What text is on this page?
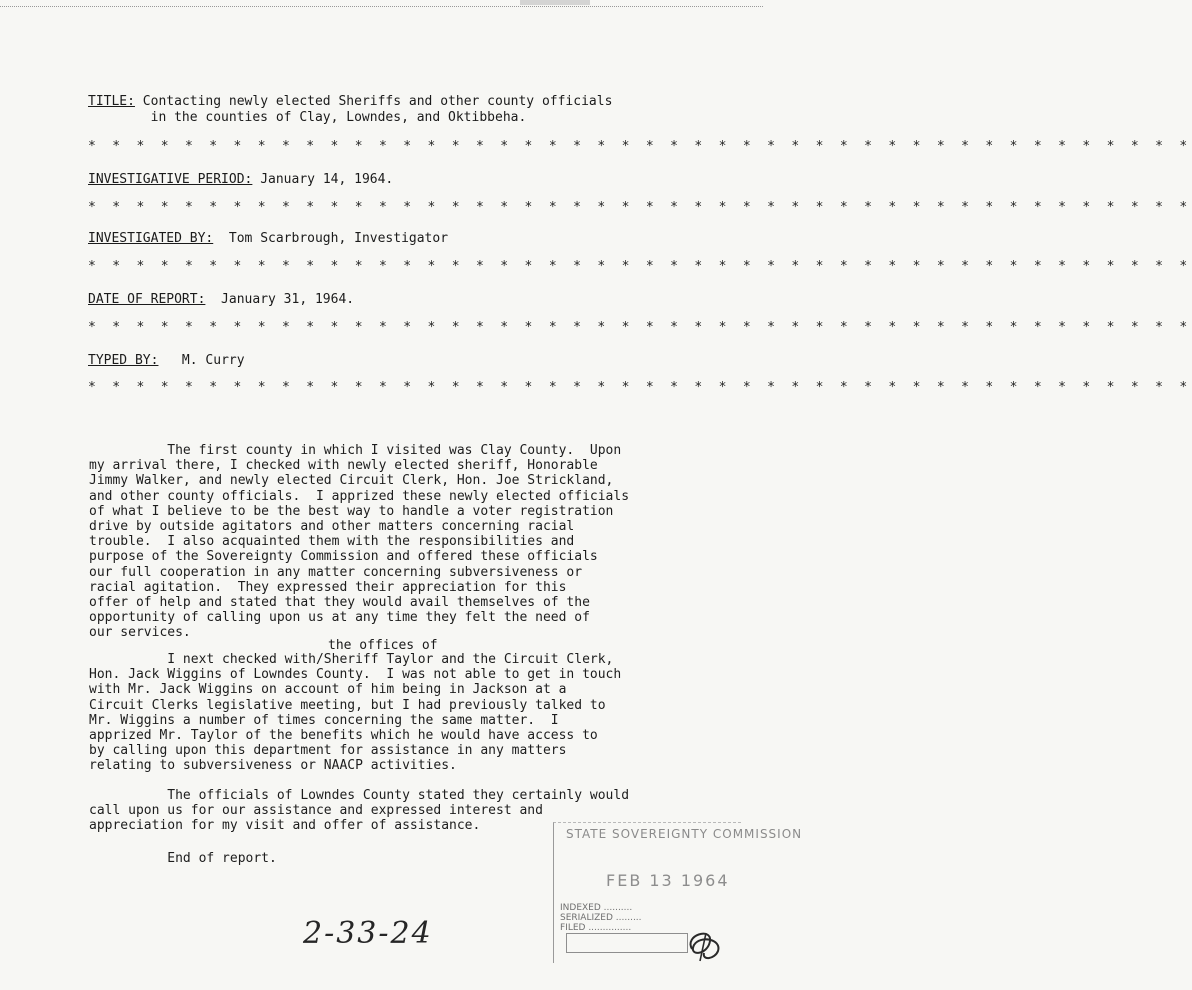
TITLE: Contacting newly elected Sheriffs and other county officials
in the counties of Clay, Lowndes, and Oktibbeha.
* * * * * * * * * * * * * * * * * * * * * * * * * * * * * * * * * * * * * * * * * * * * * *
INVESTIGATIVE PERIOD: January 14, 1964.
* * * * * * * * * * * * * * * * * * * * * * * * * * * * * * * * * * * * * * * * * * * * * *
INVESTIGATED BY:  Tom Scarbrough, Investigator
* * * * * * * * * * * * * * * * * * * * * * * * * * * * * * * * * * * * * * * * * * * * * *
DATE OF REPORT:  January 31, 1964.
* * * * * * * * * * * * * * * * * * * * * * * * * * * * * * * * * * * * * * * * * * * * * *
TYPED BY:   M. Curry
* * * * * * * * * * * * * * * * * * * * * * * * * * * * * * * * * * * * * * * * * * * * * *
The first county in which I visited was Clay County.  Upon
my arrival there, I checked with newly elected sheriff, Honorable
Jimmy Walker, and newly elected Circuit Clerk, Hon. Joe Strickland,
and other county officials.  I apprized these newly elected officials
of what I believe to be the best way to handle a voter registration
drive by outside agitators and other matters concerning racial
trouble.  I also acquainted them with the responsibilities and
purpose of the Sovereignty Commission and offered these officials
our full cooperation in any matter concerning subversiveness or
racial agitation.  They expressed their appreciation for this
offer of help and stated that they would avail themselves of the
opportunity of calling upon us at any time they felt the need of
our services.
the offices of
I next checked with/Sheriff Taylor and the Circuit Clerk,
Hon. Jack Wiggins of Lowndes County.  I was not able to get in touch
with Mr. Jack Wiggins on account of him being in Jackson at a
Circuit Clerks legislative meeting, but I had previously talked to
Mr. Wiggins a number of times concerning the same matter.  I
apprized Mr. Taylor of the benefits which he would have access to
by calling upon this department for assistance in any matters
relating to subversiveness or NAACP activities.
The officials of Lowndes County stated they certainly would
call upon us for our assistance and expressed interest and
appreciation for my visit and offer of assistance.
End of report.
2-33-24
STATE SOVEREIGNTY COMMISSION
FEB 13 1964
INDEXED ..........
SERIALIZED .........
FILED ...............
